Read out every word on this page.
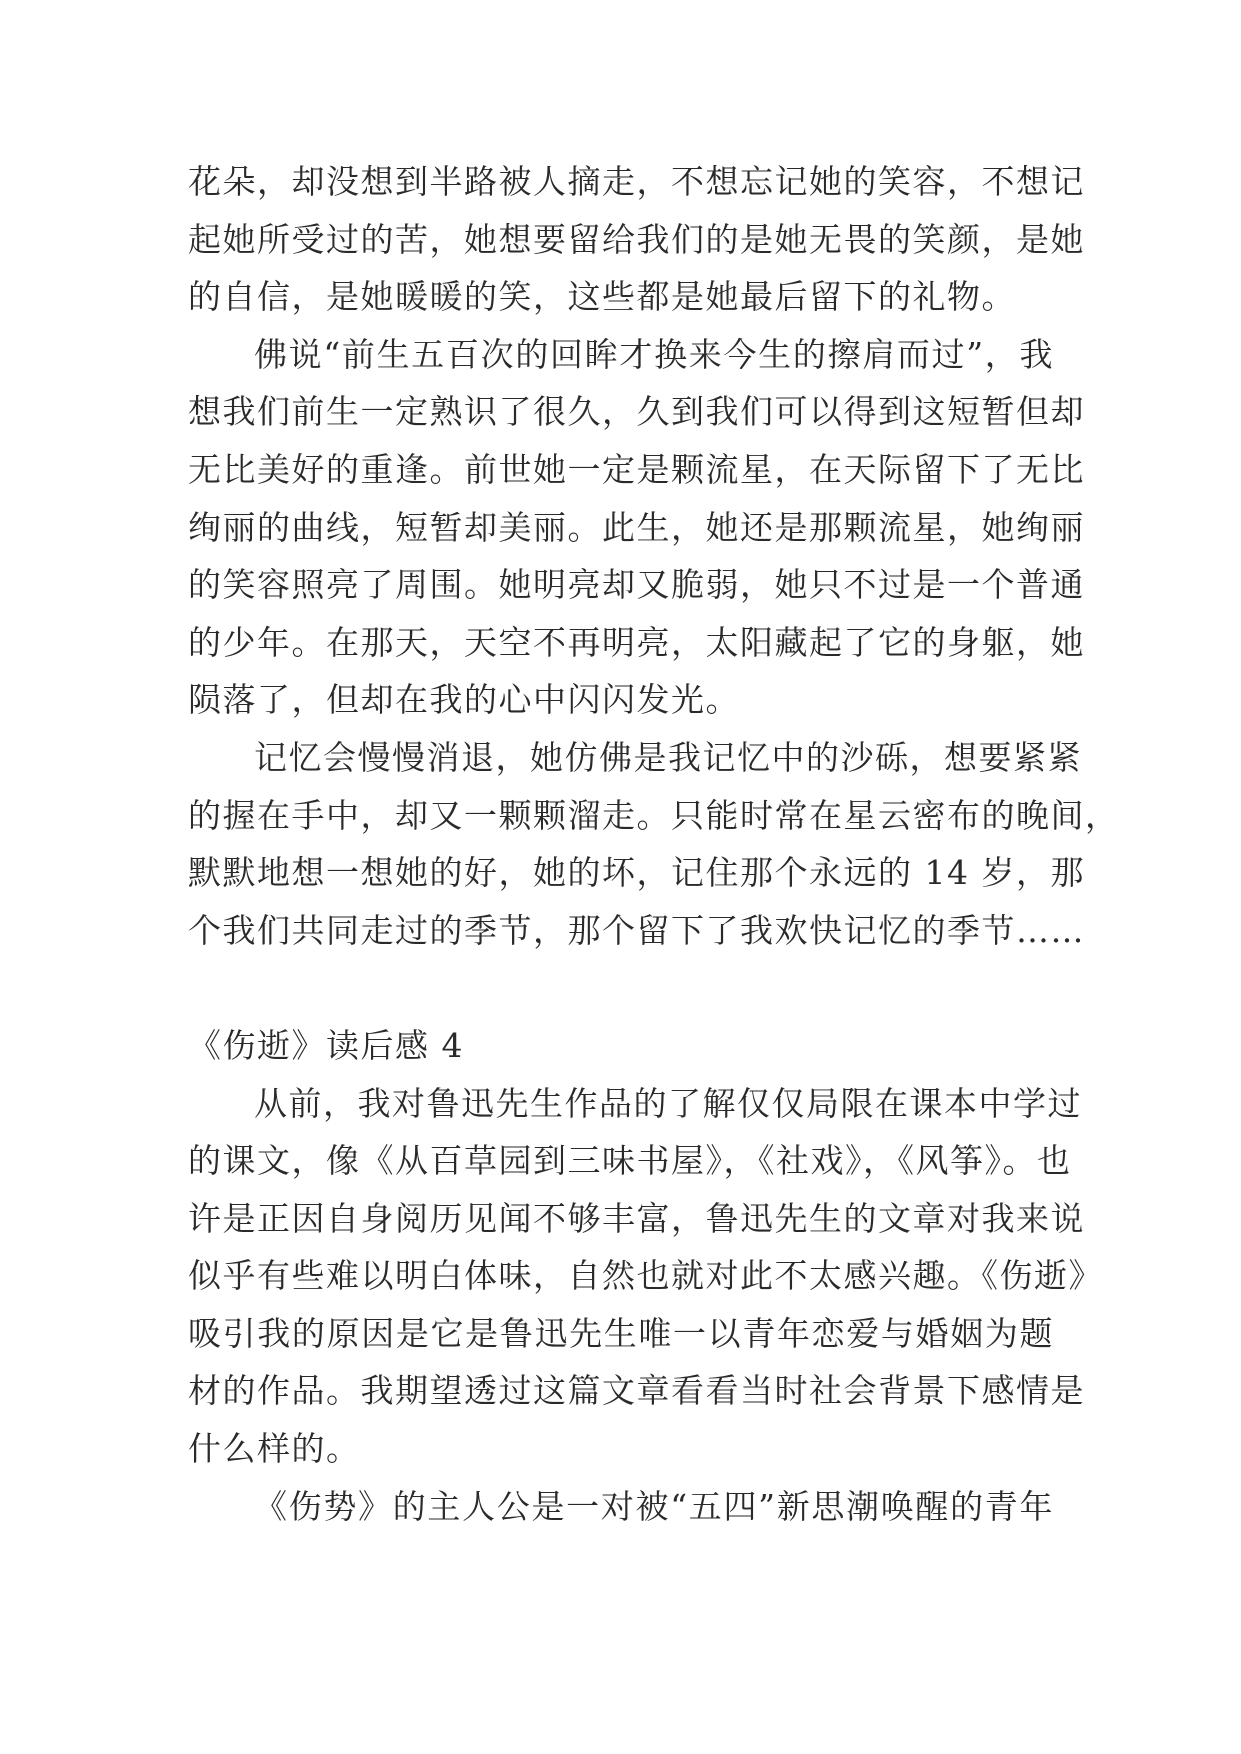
花朵，却没想到半路被人摘走，不想忘记她的笑容，不想记
起她所受过的苦，她想要留给我们的是她无畏的笑颜，是她
的自信，是她暖暖的笑，这些都是她最后留下的礼物。
佛说“前生五百次的回眸才换来今生的擦肩而过”，我
想我们前生一定熟识了很久，久到我们可以得到这短暂但却
无比美好的重逢。前世她一定是颗流星，在天际留下了无比
绚丽的曲线，短暂却美丽。此生，她还是那颗流星，她绚丽
的笑容照亮了周围。她明亮却又脆弱，她只不过是一个普通
的少年。在那天，天空不再明亮，太阳藏起了它的身躯，她
陨落了，但却在我的心中闪闪发光。
记忆会慢慢消退，她仿佛是我记忆中的沙砾，想要紧紧
的握在手中，却又一颗颗溜走。只能时常在星云密布的晚间，
默默地想一想她的好，她的坏，记住那个永远的 14 岁，那
个我们共同走过的季节，那个留下了我欢快记忆的季节……
《伤逝》读后感 4
从前，我对鲁迅先生作品的了解仅仅局限在课本中学过
的课文，像《从百草园到三味书屋》，《社戏》，《风筝》。也
许是正因自身阅历见闻不够丰富，鲁迅先生的文章对我来说
似乎有些难以明白体味，自然也就对此不太感兴趣。《伤逝》
吸引我的原因是它是鲁迅先生唯一以青年恋爱与婚姻为题
材的作品。我期望透过这篇文章看看当时社会背景下感情是
什么样的。
《伤势》的主人公是一对被“五四”新思潮唤醒的青年
